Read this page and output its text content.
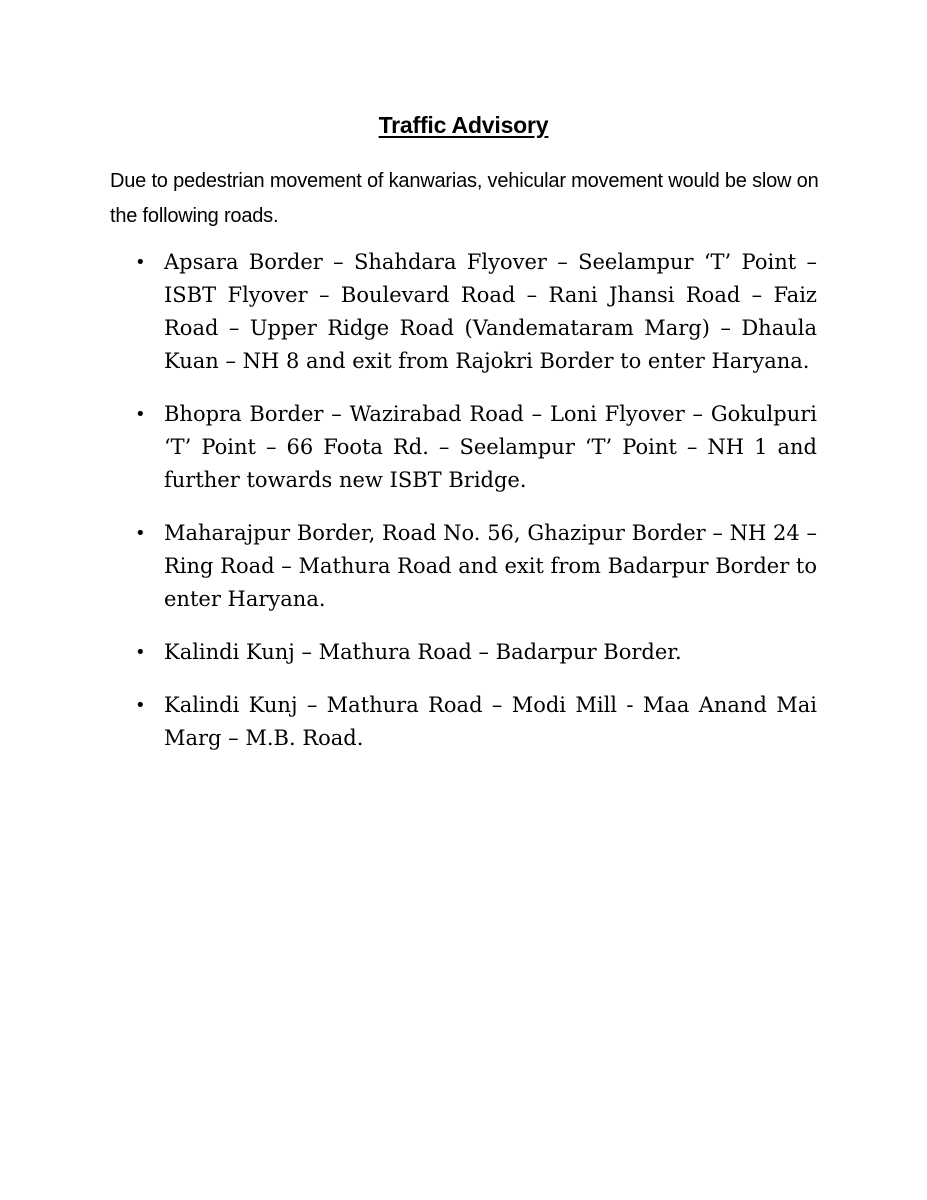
Traffic Advisory
Due to pedestrian movement of kanwarias, vehicular movement would be slow on the following roads.
• Apsara Border – Shahdara Flyover – Seelampur ‘T’ Point – ISBT Flyover – Boulevard Road – Rani Jhansi Road – Faiz Road – Upper Ridge Road (Vandemataram Marg) – Dhaula Kuan – NH 8 and exit from Rajokri Border to enter Haryana.
• Bhopra Border – Wazirabad Road – Loni Flyover – Gokulpuri ‘T’ Point – 66 Foota Rd. – Seelampur ‘T’ Point – NH 1 and further towards new ISBT Bridge.
• Maharajpur Border, Road No. 56, Ghazipur Border – NH 24 – Ring Road – Mathura Road and exit from Badarpur Border to enter Haryana.
• Kalindi Kunj – Mathura Road – Badarpur Border.
• Kalindi Kunj – Mathura Road – Modi Mill - Maa Anand Mai Marg – M.B. Road.
